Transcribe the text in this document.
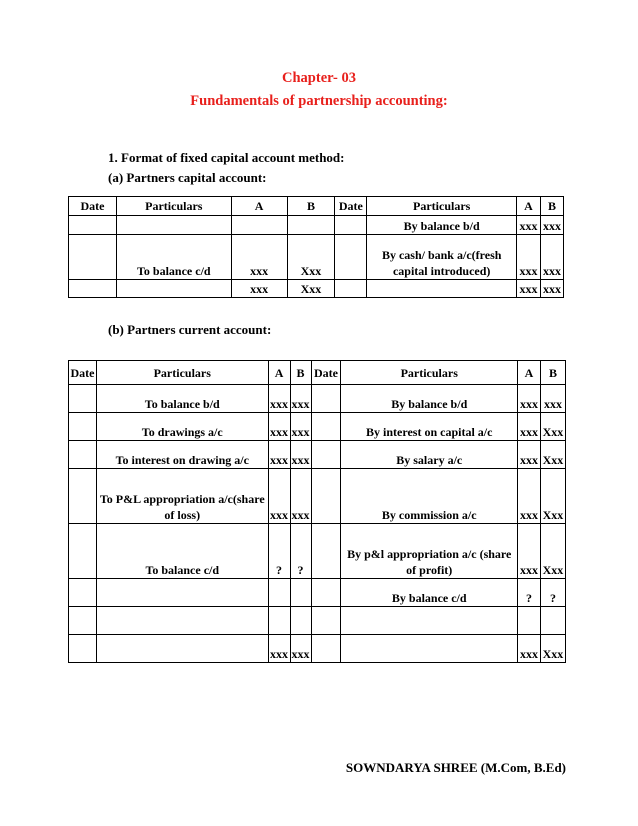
Chapter- 03
Fundamentals of partnership accounting:
1. Format of fixed capital account method:
(a) Partners capital account:
Date	Particulars	A	B	Date	Particulars	A	B
					By balance b/d	xxx	xxx
	To balance c/d	xxx	Xxx		By cash/ bank a/c(fresh capital introduced)	xxx	xxx
		xxx	Xxx			xxx	xxx
(b) Partners current account:
Date	Particulars	A	B	Date	Particulars	A	B
	To balance b/d	xxx	xxx		By balance b/d	xxx	xxx
	To drawings a/c	xxx	xxx		By interest on capital a/c	xxx	Xxx
	To interest on drawing a/c	xxx	xxx		By salary a/c	xxx	Xxx
	To P&L appropriation a/c(share of loss)	xxx	xxx		By commission a/c	xxx	Xxx
	To balance c/d	?	?		By p&l appropriation a/c (share of profit)	xxx	Xxx
					By balance c/d	?	?

		xxx	xxx			xxx	Xxx
SOWNDARYA SHREE (M.Com, B.Ed)
